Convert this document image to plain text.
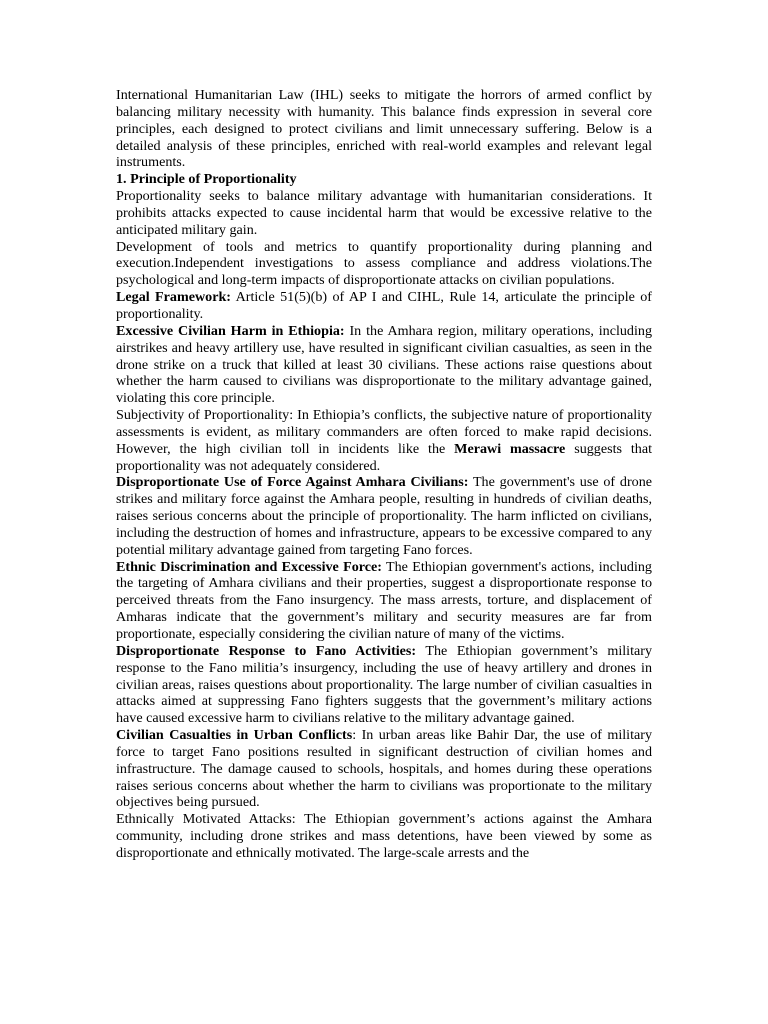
International Humanitarian Law (IHL) seeks to mitigate the horrors of armed conflict by balancing military necessity with humanity. This balance finds expression in several core principles, each designed to protect civilians and limit unnecessary suffering. Below is a detailed analysis of these principles, enriched with real-world examples and relevant legal instruments.

1. Principle of Proportionality

Proportionality seeks to balance military advantage with humanitarian considerations. It prohibits attacks expected to cause incidental harm that would be excessive relative to the anticipated military gain.

Development of tools and metrics to quantify proportionality during planning and execution.Independent investigations to assess compliance and address violations.The psychological and long-term impacts of disproportionate attacks on civilian populations.

Legal Framework: Article 51(5)(b) of AP I and CIHL, Rule 14, articulate the principle of proportionality.

Excessive Civilian Harm in Ethiopia: In the Amhara region, military operations, including airstrikes and heavy artillery use, have resulted in significant civilian casualties, as seen in the drone strike on a truck that killed at least 30 civilians. These actions raise questions about whether the harm caused to civilians was disproportionate to the military advantage gained, violating this core principle.

Subjectivity of Proportionality: In Ethiopia’s conflicts, the subjective nature of proportionality assessments is evident, as military commanders are often forced to make rapid decisions. However, the high civilian toll in incidents like the Merawi massacre suggests that proportionality was not adequately considered.

Disproportionate Use of Force Against Amhara Civilians: The government's use of drone strikes and military force against the Amhara people, resulting in hundreds of civilian deaths, raises serious concerns about the principle of proportionality. The harm inflicted on civilians, including the destruction of homes and infrastructure, appears to be excessive compared to any potential military advantage gained from targeting Fano forces.

Ethnic Discrimination and Excessive Force: The Ethiopian government's actions, including the targeting of Amhara civilians and their properties, suggest a disproportionate response to perceived threats from the Fano insurgency. The mass arrests, torture, and displacement of Amharas indicate that the government’s military and security measures are far from proportionate, especially considering the civilian nature of many of the victims.

Disproportionate Response to Fano Activities: The Ethiopian government’s military response to the Fano militia’s insurgency, including the use of heavy artillery and drones in civilian areas, raises questions about proportionality. The large number of civilian casualties in attacks aimed at suppressing Fano fighters suggests that the government’s military actions have caused excessive harm to civilians relative to the military advantage gained.

Civilian Casualties in Urban Conflicts: In urban areas like Bahir Dar, the use of military force to target Fano positions resulted in significant destruction of civilian homes and infrastructure. The damage caused to schools, hospitals, and homes during these operations raises serious concerns about whether the harm to civilians was proportionate to the military objectives being pursued.

Ethnically Motivated Attacks: The Ethiopian government’s actions against the Amhara community, including drone strikes and mass detentions, have been viewed by some as disproportionate and ethnically motivated. The large-scale arrests and the
